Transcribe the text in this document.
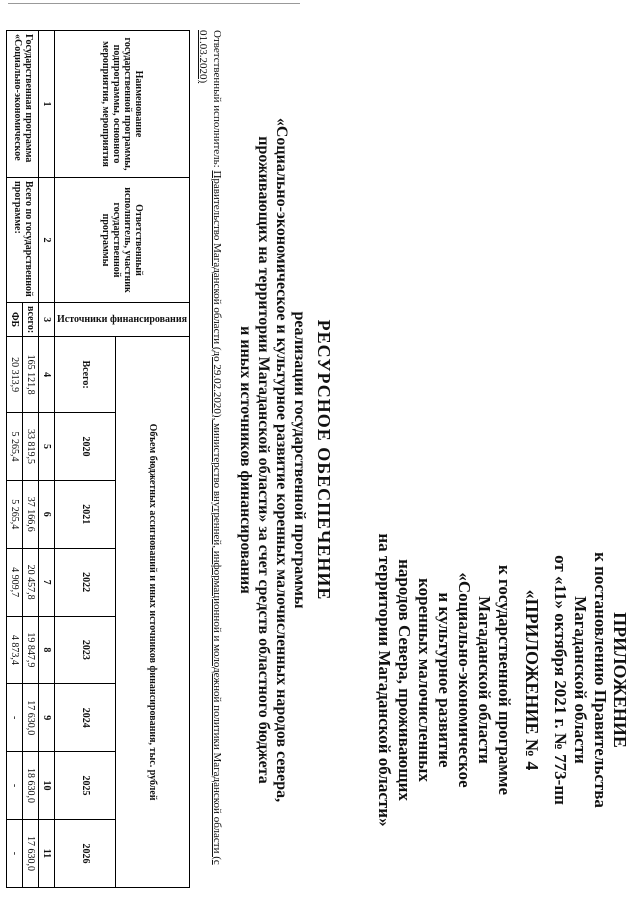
ПРИЛОЖЕНИЕ
к постановлению Правительства
Магаданской области
от «11» октября 2021 г. № 773-пп
«ПРИЛОЖЕНИЕ № 4
к государственной программе
Магаданской области
«Социально-экономическое
и культурное развитие
коренных малочисленных
народов Севера, проживающих
на территории Магаданской области»
РЕСУРСНОЕ ОБЕСПЕЧЕНИЕ
реализации государственной программы
«Социально-экономическое и культурное развитие коренных малочисленных народов севера,
проживающих на территории Магаданской области» за счет средств областного бюджета
и иных источников финансирования
Ответственный исполнитель: Правительство Магаданской области (до 29.02.2020), министерство внутренней, информационной и молодежной политики Магаданской области (с 01.03.2020)
Наименование государственной программы, подпрограммы, основного мероприятия, мероприятия	Ответственный исполнитель, участник государственной программы	Источники финансирования	Объем бюджетных ассигнований и иных источников финансирования, тыс. рублей							
			Всего:	2020	2021	2022	2023	2024	2025	2026
1	2	3	4	5	6	7	8	9	10	11
Государственная программа «Социально-экономическое	Всего по государственной программе:	всего:	165 121,8	33 819,5	37 166,6	20 457,8	19 847,9	17 630,0	18 630,0	17 630,0
		ФБ	20 313,9	5 265,4	5 265,4	4 909,7	4 873,4	-	-	-
